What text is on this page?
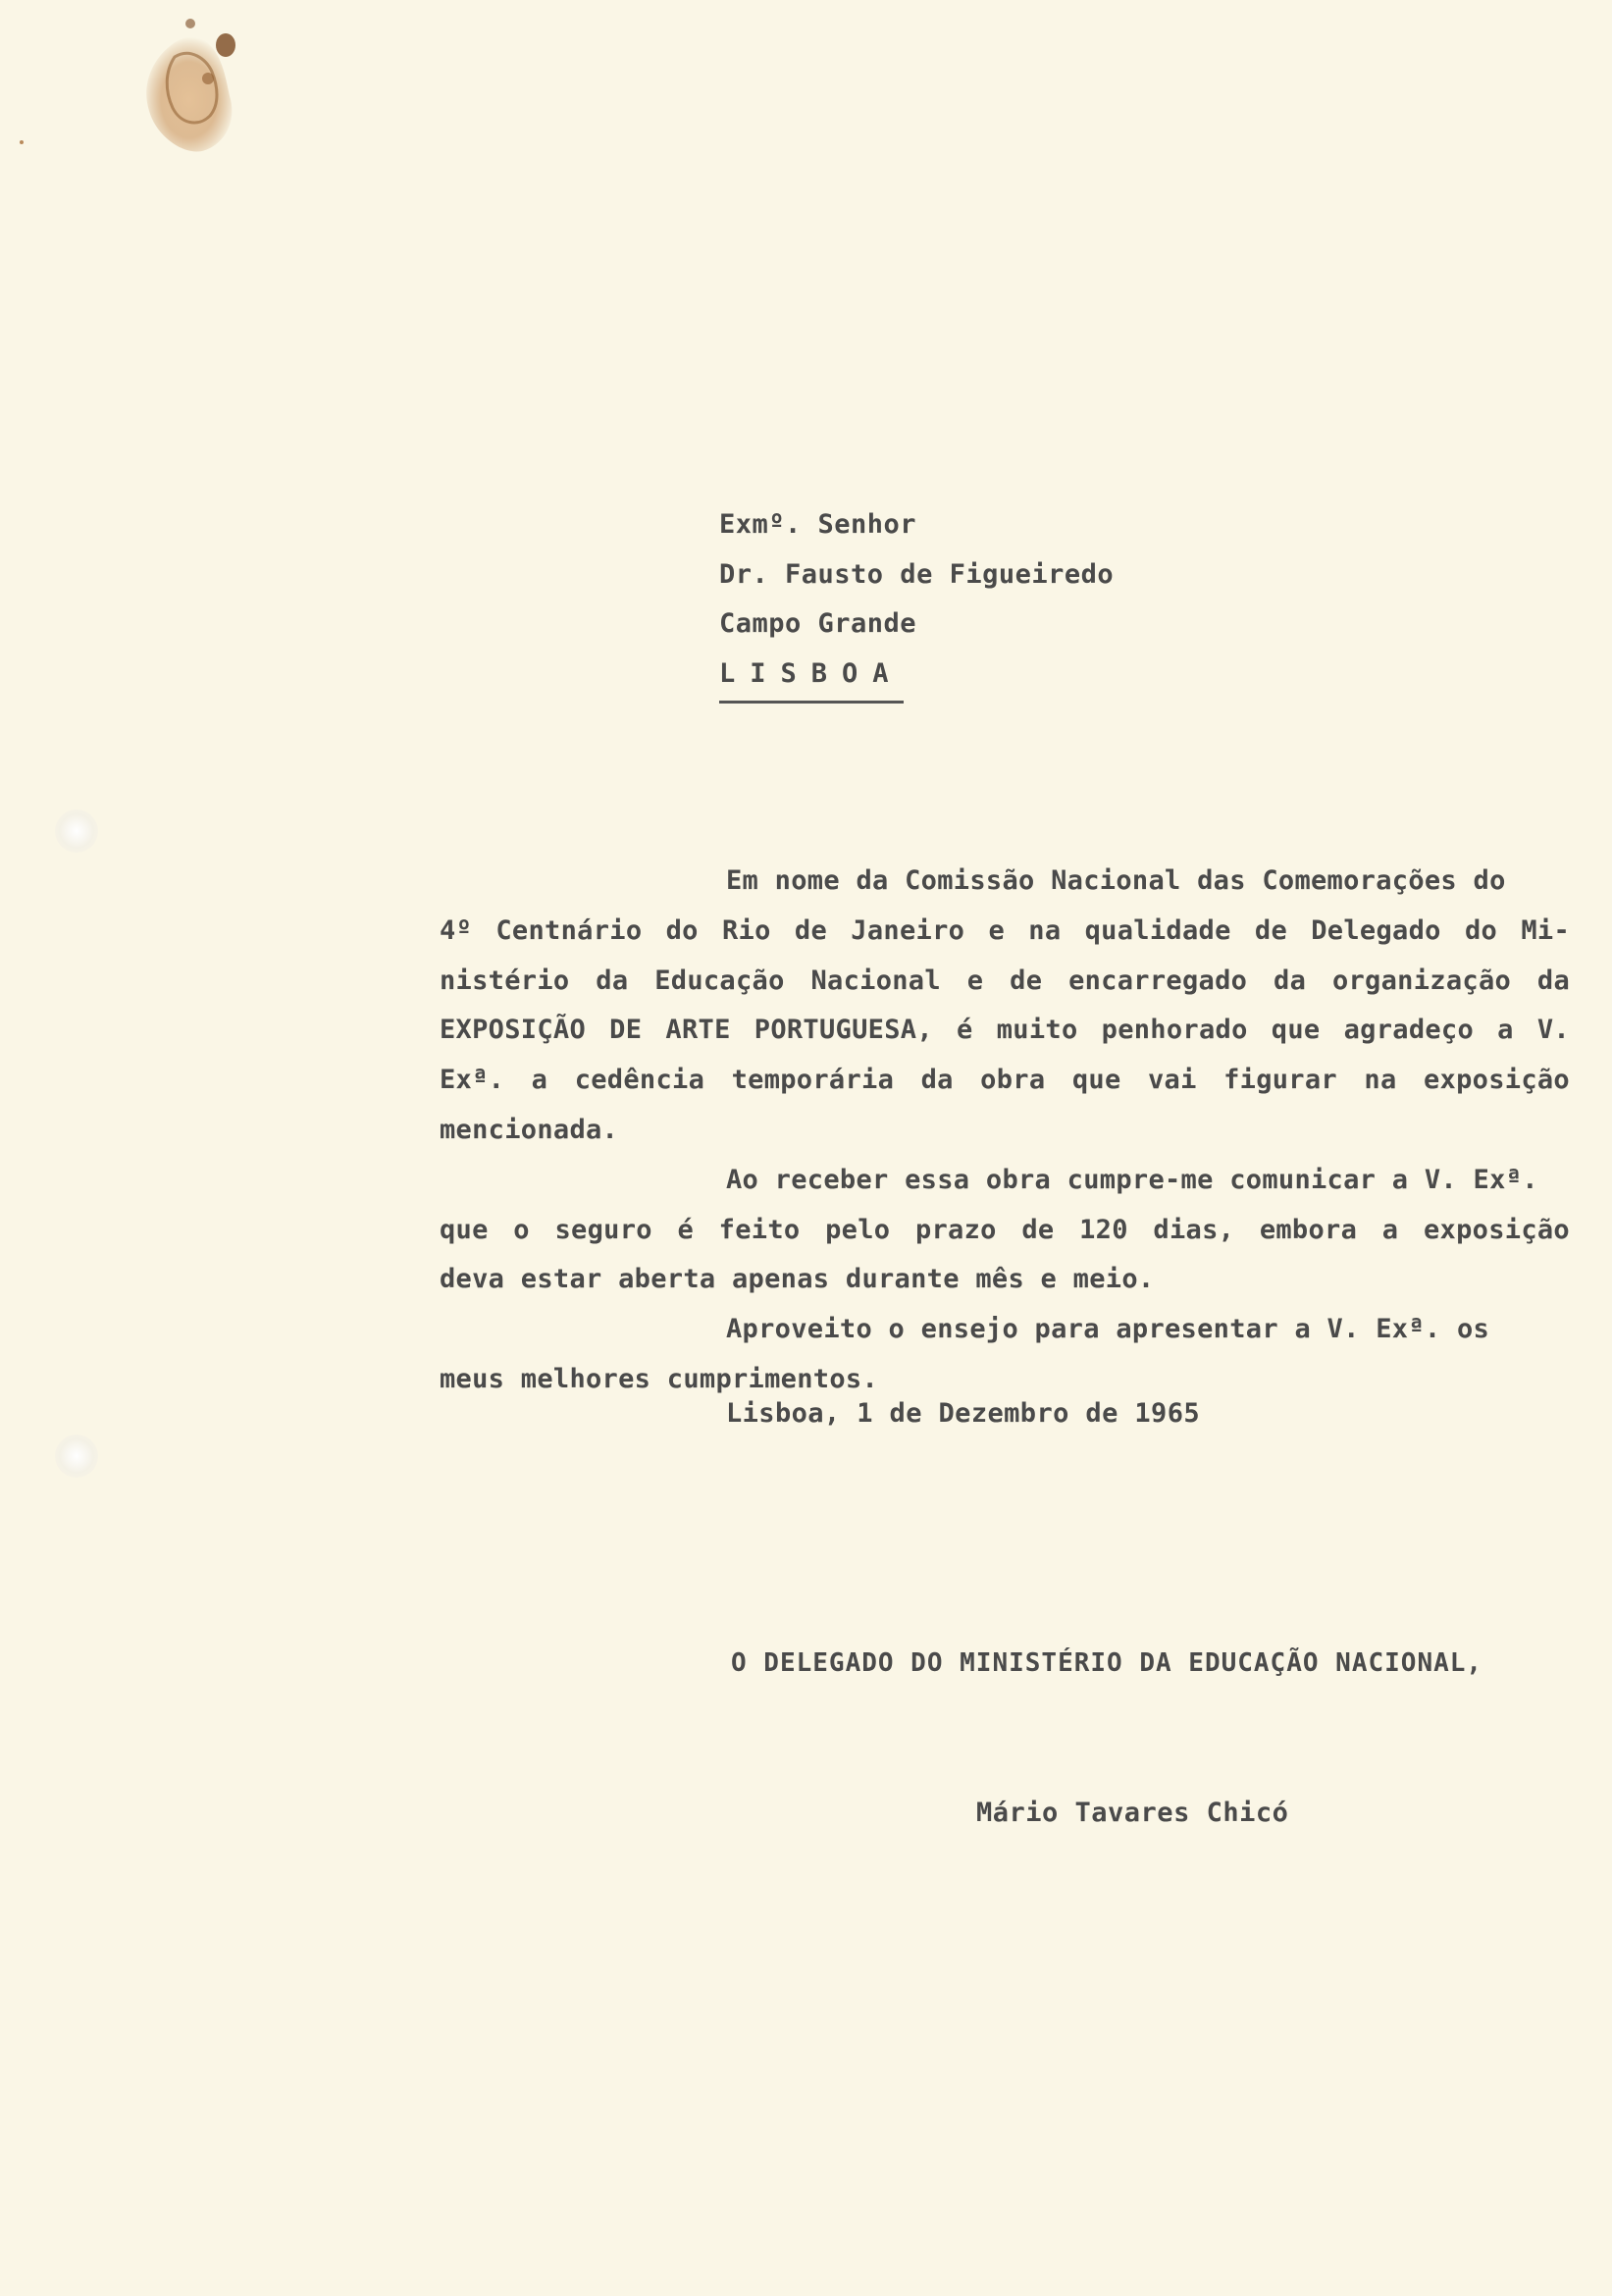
Exmº. Senhor
Dr. Fausto de Figueiredo
Campo Grande
LISBOA
Em nome da Comissão Nacional das Comemorações do
4º Centnário do Rio de Janeiro e na qualidade de Delegado do Mi-
nistério da Educação Nacional e de encarregado da organização da
EXPOSIÇÃO DE ARTE PORTUGUESA, é muito penhorado que agradeço a V.
Exª. a cedência temporária da obra que vai figurar na exposição
mencionada.
Ao receber essa obra cumpre-me comunicar a V. Exª.
que o seguro é feito pelo prazo de 120 dias, embora a exposição
deva estar aberta apenas durante mês e meio.
Aproveito o ensejo para apresentar a V. Exª. os
meus melhores cumprimentos.
Lisboa, 1 de Dezembro de 1965
O DELEGADO DO MINISTÉRIO DA EDUCAÇÃO NACIONAL,
Mário Tavares Chicó
